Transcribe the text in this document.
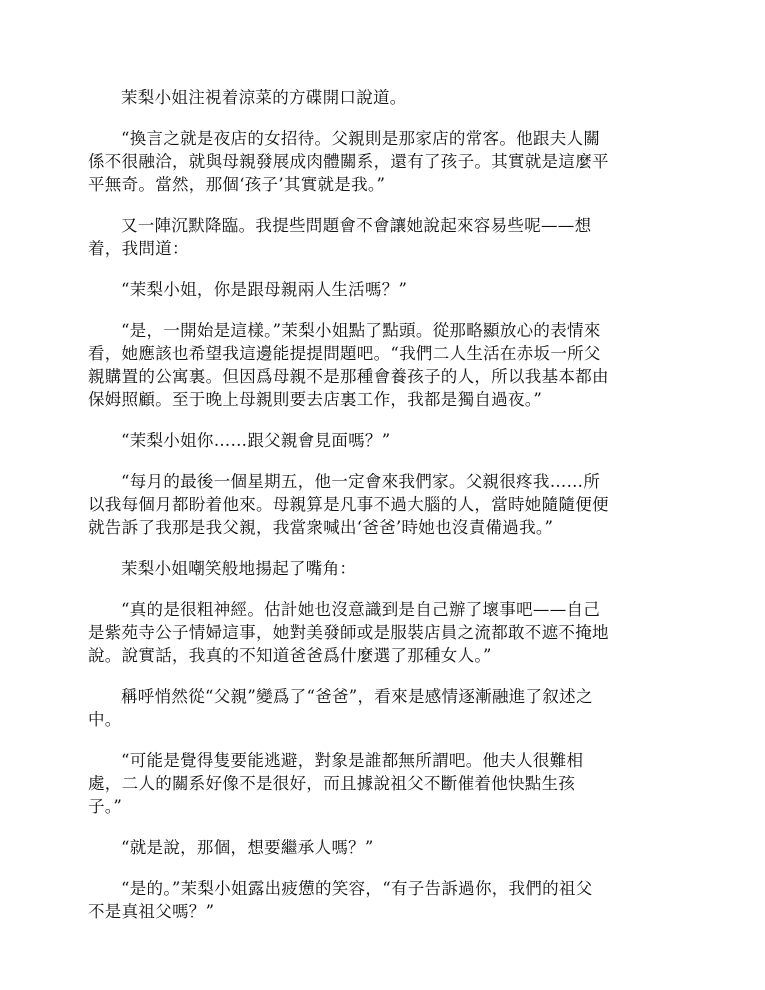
茉梨小姐注視着涼菜的方碟開口說道。

“換言之就是夜店的女招待。父親則是那家店的常客。他跟夫人關
係不很融洽，就與母親發展成肉體關系，還有了孩子。其實就是這麼平
平無奇。當然，那個‘孩子’其實就是我。”

又一陣沉默降臨。我提些問題會不會讓她說起來容易些呢——想
着，我問道：

“茉梨小姐，你是跟母親兩人生活嗎？”

“是，一開始是這樣。”茉梨小姐點了點頭。從那略顯放心的表情來
看，她應該也希望我這邊能提提問題吧。“我們二人生活在赤坂一所父
親購置的公寓裏。但因爲母親不是那種會養孩子的人，所以我基本都由
保姆照顧。至于晚上母親則要去店裏工作，我都是獨自過夜。”

“茉梨小姐你……跟父親會見面嗎？”

“每月的最後一個星期五，他一定會來我們家。父親很疼我……所
以我每個月都盼着他來。母親算是凡事不過大腦的人，當時她隨隨便便
就告訴了我那是我父親，我當衆喊出‘爸爸’時她也沒責備過我。”

茉梨小姐嘲笑般地揚起了嘴角：

“真的是很粗神經。估計她也沒意識到是自己辦了壞事吧——自己
是紫苑寺公子情婦這事，她對美發師或是服裝店員之流都敢不遮不掩地
說。說實話，我真的不知道爸爸爲什麼選了那種女人。”

稱呼悄然從“父親”變爲了“爸爸”，看來是感情逐漸融進了叙述之
中。

“可能是覺得隻要能逃避，對象是誰都無所謂吧。他夫人很難相
處，二人的關系好像不是很好，而且據說祖父不斷催着他快點生孩
子。”

“就是說，那個，想要繼承人嗎？”

“是的。”茉梨小姐露出疲憊的笑容，“有子告訴過你，我們的祖父
不是真祖父嗎？”
